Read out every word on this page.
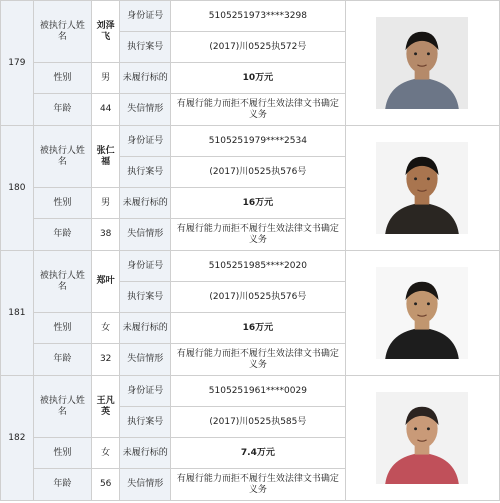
179	被执行人姓名	刘泽飞	身份证号	5105251973****3298	

			执行案号	(2017)川0525执572号	
	性别	男	未履行标的	10万元	
	年龄	44	失信情形	有履行能力而拒不履行生效法律文书确定义务	
180	被执行人姓名	张仁福	身份证号	5105251979****2534	

			执行案号	(2017)川0525执576号	
	性别	男	未履行标的	16万元	
	年龄	38	失信情形	有履行能力而拒不履行生效法律文书确定义务	
181	被执行人姓名	郑叶	身份证号	5105251985****2020	

			执行案号	(2017)川0525执576号	
	性别	女	未履行标的	16万元	
	年龄	32	失信情形	有履行能力而拒不履行生效法律文书确定义务	
182	被执行人姓名	王凡英	身份证号	5105251961****0029	

			执行案号	(2017)川0525执585号	
	性别	女	未履行标的	7.4万元	
	年龄	56	失信情形	有履行能力而拒不履行生效法律文书确定义务	
